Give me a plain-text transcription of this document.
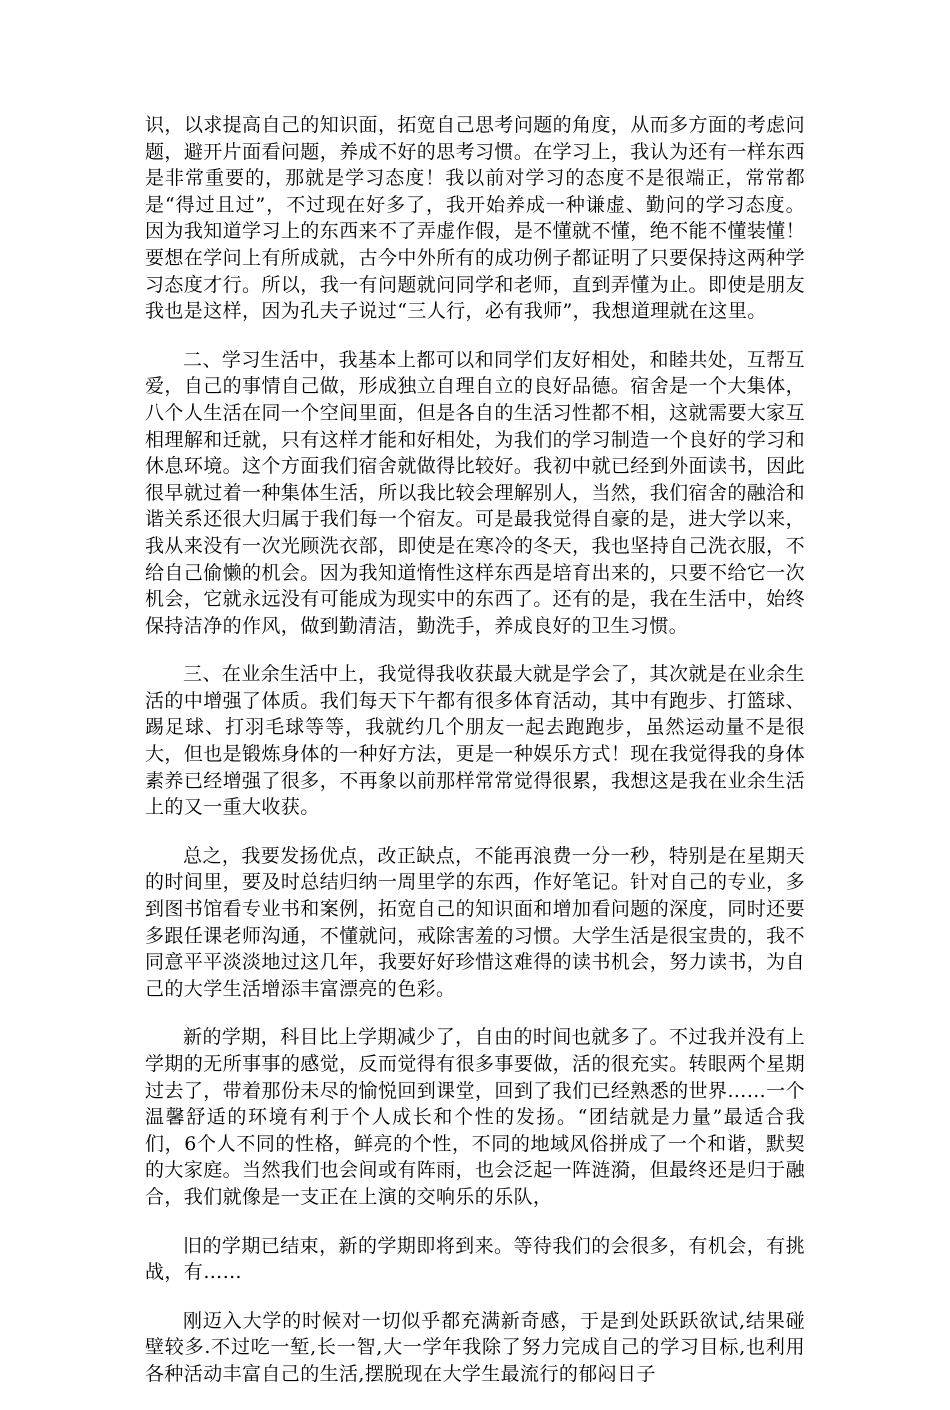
识，以求提高自己的知识面，拓宽自己思考问题的角度，从而多方面的考虑问题，避开片面看问题，养成不好的思考习惯。在学习上，我认为还有一样东西是非常重要的，那就是学习态度！我以前对学习的态度不是很端正，常常都是“得过且过”，不过现在好多了，我开始养成一种谦虚、勤问的学习态度。因为我知道学习上的东西来不了弄虚作假，是不懂就不懂，绝不能不懂装懂！要想在学问上有所成就，古今中外所有的成功例子都证明了只要保持这两种学习态度才行。所以，我一有问题就问同学和老师，直到弄懂为止。即使是朋友我也是这样，因为孔夫子说过“三人行，必有我师”，我想道理就在这里。

二、学习生活中，我基本上都可以和同学们友好相处，和睦共处，互帮互爱，自己的事情自己做，形成独立自理自立的良好品德。宿舍是一个大集体，八个人生活在同一个空间里面，但是各自的生活习性都不相，这就需要大家互相理解和迁就，只有这样才能和好相处，为我们的学习制造一个良好的学习和休息环境。这个方面我们宿舍就做得比较好。我初中就已经到外面读书，因此很早就过着一种集体生活，所以我比较会理解别人，当然，我们宿舍的融洽和谐关系还很大归属于我们每一个宿友。可是最我觉得自豪的是，进大学以来，我从来没有一次光顾洗衣部，即使是在寒冷的冬天，我也坚持自己洗衣服，不给自己偷懒的机会。因为我知道惰性这样东西是培育出来的，只要不给它一次机会，它就永远没有可能成为现实中的东西了。还有的是，我在生活中，始终保持洁净的作风，做到勤清洁，勤洗手，养成良好的卫生习惯。

三、在业余生活中上，我觉得我收获最大就是学会了，其次就是在业余生活的中增强了体质。我们每天下午都有很多体育活动，其中有跑步、打篮球、踢足球、打羽毛球等等，我就约几个朋友一起去跑跑步，虽然运动量不是很大，但也是锻炼身体的一种好方法，更是一种娱乐方式！现在我觉得我的身体素养已经增强了很多，不再象以前那样常常觉得很累，我想这是我在业余生活上的又一重大收获。

总之，我要发扬优点，改正缺点，不能再浪费一分一秒，特别是在星期天的时间里，要及时总结归纳一周里学的东西，作好笔记。针对自己的专业，多到图书馆看专业书和案例，拓宽自己的知识面和增加看问题的深度，同时还要多跟任课老师沟通，不懂就问，戒除害羞的习惯。大学生活是很宝贵的，我不同意平平淡淡地过这几年，我要好好珍惜这难得的读书机会，努力读书，为自己的大学生活增添丰富漂亮的色彩。

新的学期，科目比上学期减少了，自由的时间也就多了。不过我并没有上学期的无所事事的感觉，反而觉得有很多事要做，活的很充实。转眼两个星期过去了，带着那份未尽的愉悦回到课堂，回到了我们已经熟悉的世界……一个温馨舒适的环境有利于个人成长和个性的发扬。“团结就是力量”最适合我们，6个人不同的性格，鲜亮的个性，不同的地域风俗拼成了一个和谐，默契的大家庭。当然我们也会间或有阵雨，也会泛起一阵涟漪，但最终还是归于融合，我们就像是一支正在上演的交响乐的乐队，

旧的学期已结束，新的学期即将到来。等待我们的会很多，有机会，有挑战，有……

刚迈入大学的时候对一切似乎都充满新奇感，于是到处跃跃欲试,结果碰壁较多.不过吃一堑,长一智,大一学年我除了努力完成自己的学习目标,也利用各种活动丰富自己的生活,摆脱现在大学生最流行的郁闷日子
